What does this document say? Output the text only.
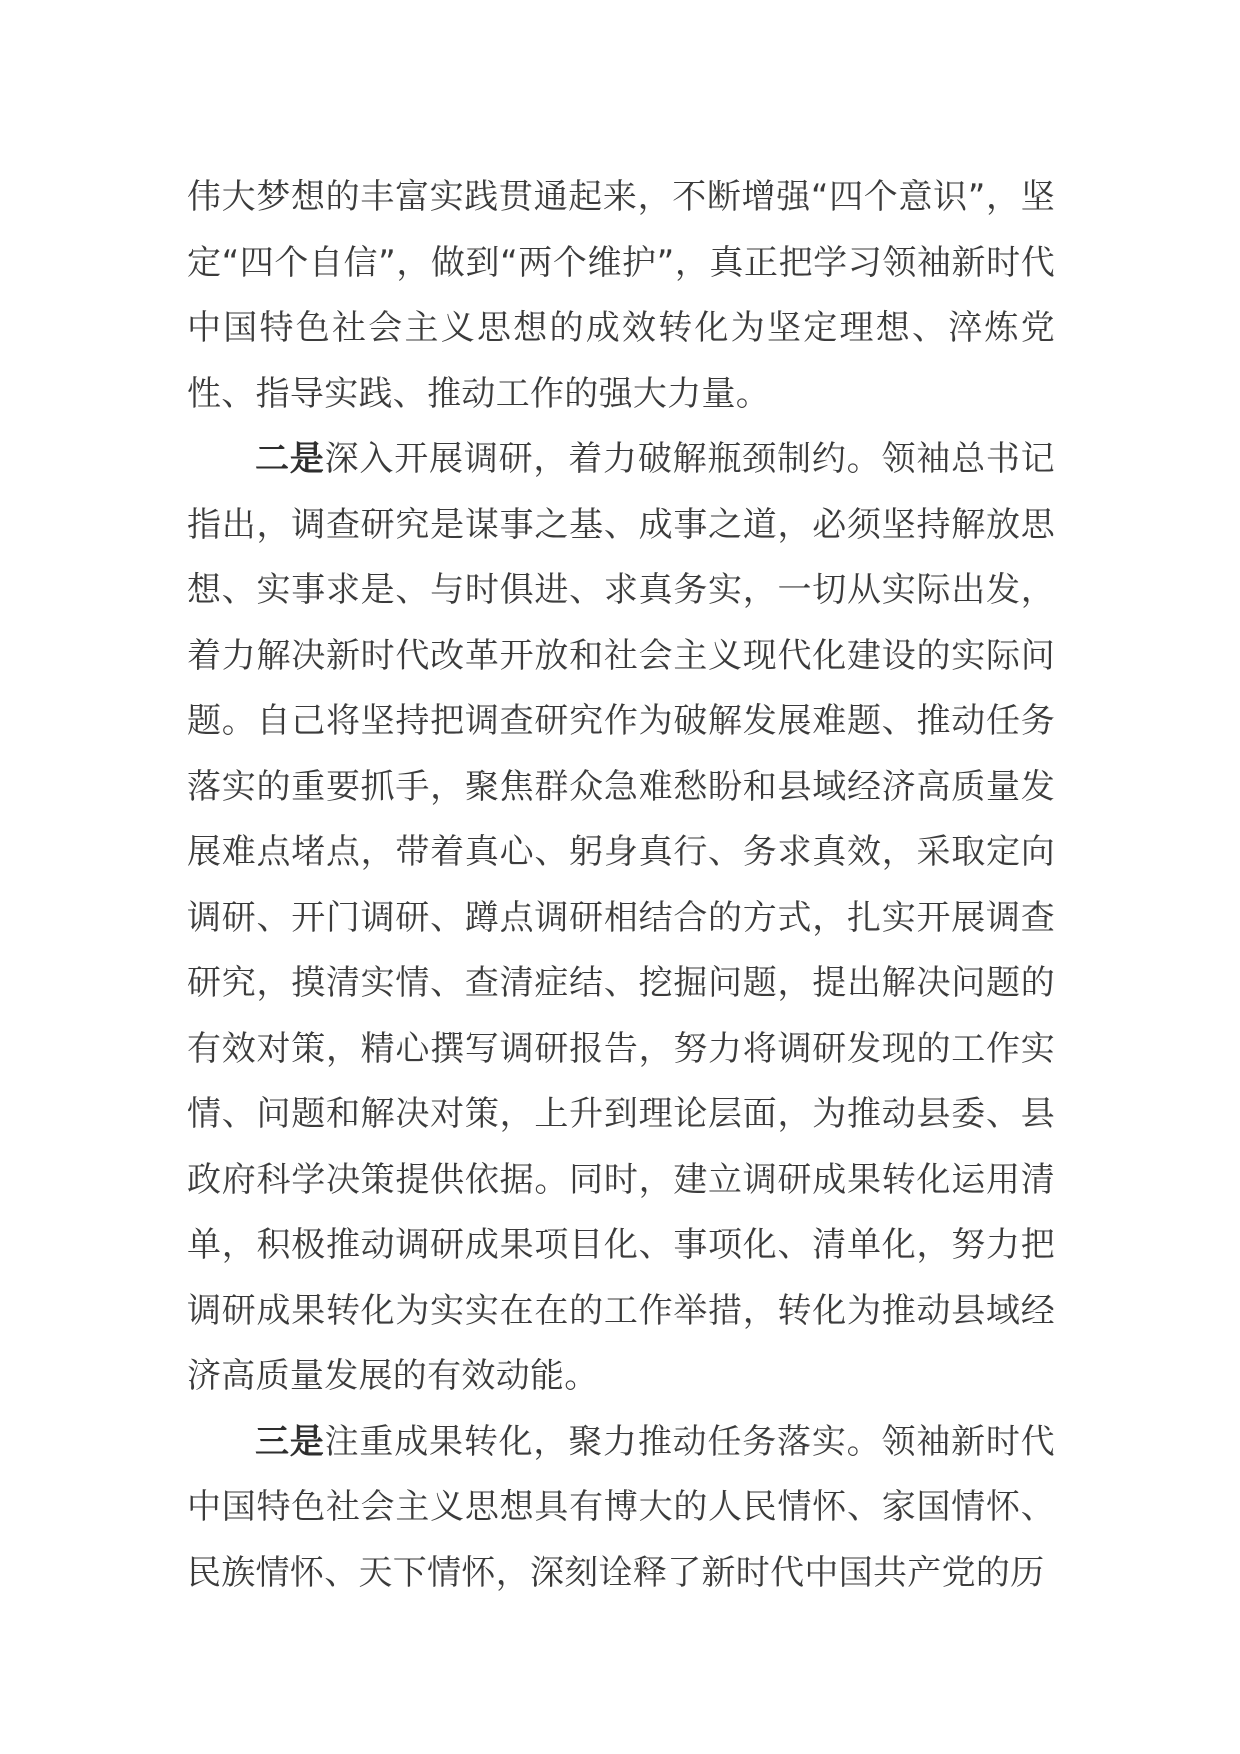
伟大梦想的丰富实践贯通起来，不断增强“四个意识”，坚定“四个自信”，做到“两个维护”，真正把学习领袖新时代中国特色社会主义思想的成效转化为坚定理想、淬炼党性、指导实践、推动工作的强大力量。

二是深入开展调研，着力破解瓶颈制约。领袖总书记指出，调查研究是谋事之基、成事之道，必须坚持解放思想、实事求是、与时俱进、求真务实，一切从实际出发，着力解决新时代改革开放和社会主义现代化建设的实际问题。自己将坚持把调查研究作为破解发展难题、推动任务落实的重要抓手，聚焦群众急难愁盼和县域经济高质量发展难点堵点，带着真心、躬身真行、务求真效，采取定向调研、开门调研、蹲点调研相结合的方式，扎实开展调查研究，摸清实情、查清症结、挖掘问题，提出解决问题的有效对策，精心撰写调研报告，努力将调研发现的工作实情、问题和解决对策，上升到理论层面，为推动县委、县政府科学决策提供依据。同时，建立调研成果转化运用清单，积极推动调研成果项目化、事项化、清单化，努力把调研成果转化为实实在在的工作举措，转化为推动县域经济高质量发展的有效动能。

三是注重成果转化，聚力推动任务落实。领袖新时代中国特色社会主义思想具有博大的人民情怀、家国情怀、民族情怀、天下情怀，深刻诠释了新时代中国共产党的历
